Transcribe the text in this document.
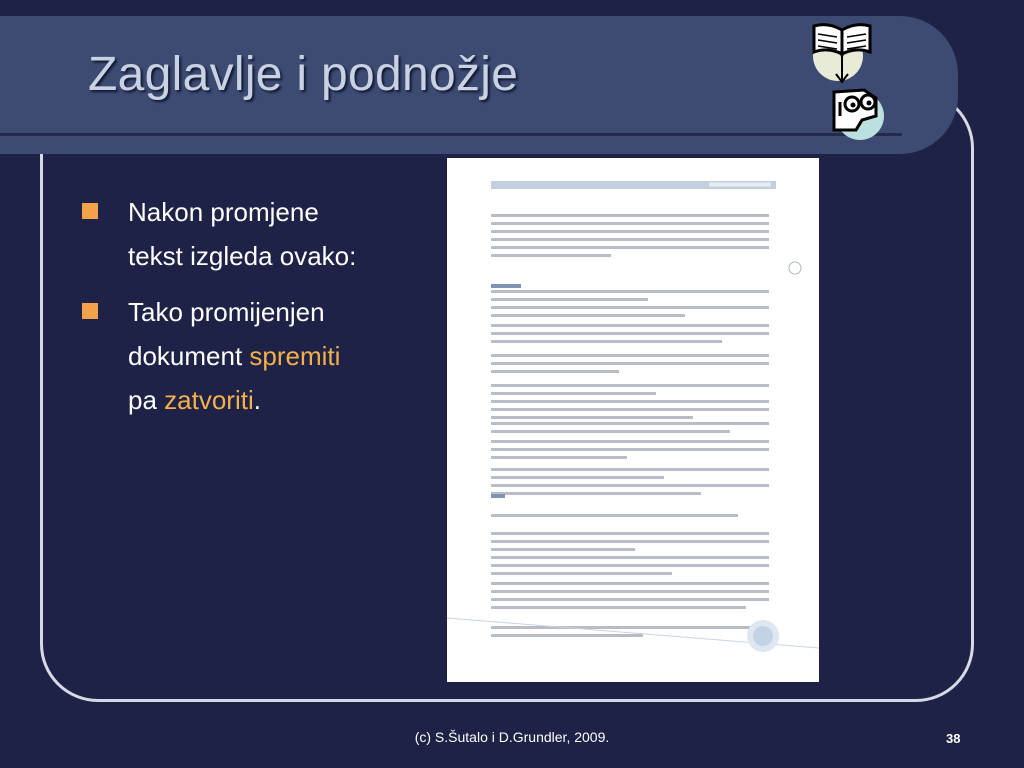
Zaglavlje i podnožje
Nakon promjene
tekst izgleda ovako:
Tako promijenjen
dokument spremiti
pa zatvoriti.
(c) S.Šutalo i D.Grundler, 2009.	38
